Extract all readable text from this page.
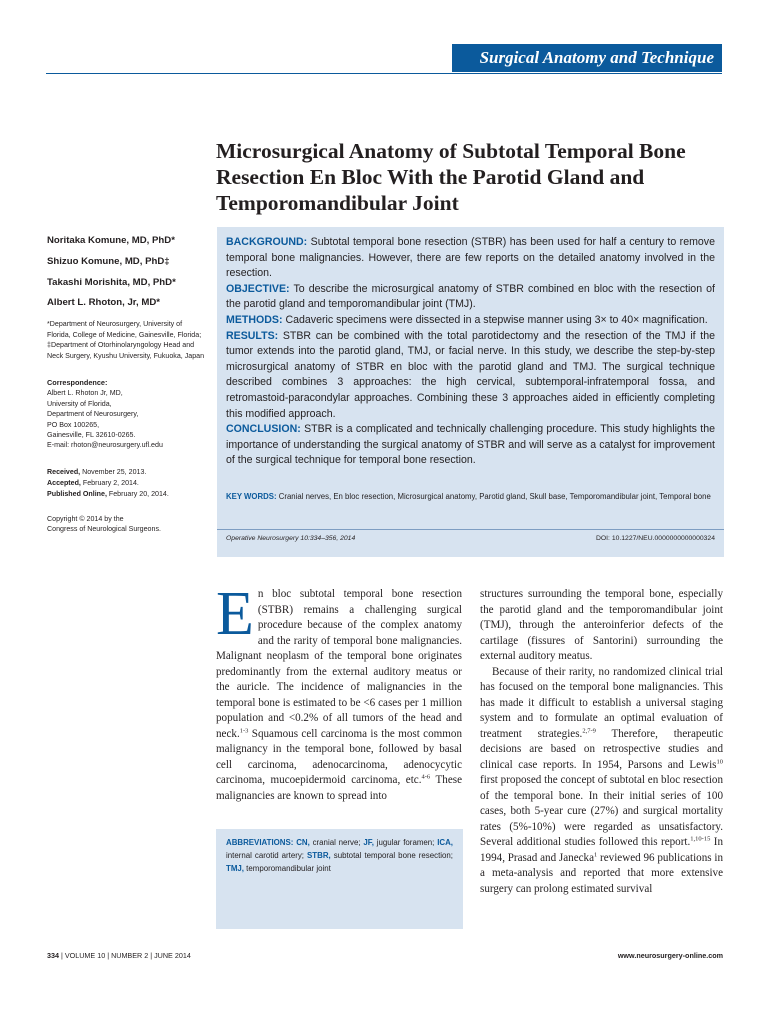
Surgical Anatomy and Technique
Microsurgical Anatomy of Subtotal Temporal Bone Resection En Bloc With the Parotid Gland and Temporomandibular Joint

Noritaka Komune, MD, PhD*

Shizuo Komune, MD, PhD‡

Takashi Morishita, MD, PhD*

Albert L. Rhoton, Jr, MD*

*Department of Neurosurgery, University of Florida, College of Medicine, Gainesville, Florida; ‡Department of Otorhinolaryngology Head and Neck Surgery, Kyushu University, Fukuoka, Japan

Correspondence:

Albert L. Rhoton Jr, MD,

University of Florida,

Department of Neurosurgery,

PO Box 100265,

Gainesville, FL 32610-0265.

E-mail: rhoton@neurosurgery.ufl.edu

Received, November 25, 2013.
Accepted, February 2, 2014.
Published Online, February 20, 2014.
Copyright © 2014 by the
Congress of Neurological Surgeons.

BACKGROUND: Subtotal temporal bone resection (STBR) has been used for half a century to remove temporal bone malignancies. However, there are few reports on the detailed anatomy involved in the resection.

OBJECTIVE: To describe the microsurgical anatomy of STBR combined en bloc with the resection of the parotid gland and temporomandibular joint (TMJ).

METHODS: Cadaveric specimens were dissected in a stepwise manner using 3× to 40× magnification.

RESULTS: STBR can be combined with the total parotidectomy and the resection of the TMJ if the tumor extends into the parotid gland, TMJ, or facial nerve. In this study, we describe the step-by-step microsurgical anatomy of STBR en bloc with the parotid gland and TMJ. The surgical technique described combines 3 approaches: the high cervical, subtemporal-infratemporal fossa, and retromastoid-paracondylar approaches. Combining these 3 approaches aided in efficiently completing this modified approach.

CONCLUSION: STBR is a complicated and technically challenging procedure. This study highlights the importance of understanding the surgical anatomy of STBR and will serve as a catalyst for improvement of the surgical technique for temporal bone resection.

KEY WORDS: Cranial nerves, En bloc resection, Microsurgical anatomy, Parotid gland, Skull base, Temporomandibular joint, Temporal bone

Operative Neurosurgery 10:334–356, 2014	DOI: 10.1227/NEU.0000000000000324

En bloc subtotal temporal bone resection (STBR) remains a challenging surgical procedure because of the complex anatomy and the rarity of temporal bone malignancies. Malignant neoplasm of the temporal bone originates predominantly from the external auditory meatus or the auricle. The incidence of malignancies in the temporal bone is estimated to be <6 cases per 1 million population and <0.2% of all tumors of the head and neck.$^{1-3}$ Squamous cell carcinoma is the most common malignancy in the temporal bone, followed by basal cell carcinoma, adenocarcinoma, adenocycytic carcinoma, mucoepidermoid carcinoma, etc.$^{4-6}$ These malignancies are known to spread into

ABBREVIATIONS: CN, cranial nerve; JF, jugular foramen; ICA, internal carotid artery; STBR, subtotal temporal bone resection; TMJ, temporomandibular joint
structures surrounding the temporal bone, especially the parotid gland and the temporomandibular joint (TMJ), through the anteroinferior defects of the cartilage (fissures of Santorini) surrounding the external auditory meatus.
Because of their rarity, no randomized clinical trial has focused on the temporal bone malignancies. This has made it difficult to establish a universal staging system and to formulate an optimal evaluation of treatment strategies.$^{2,7-9}$ Therefore, therapeutic decisions are based on retrospective studies and clinical case reports. In 1954, Parsons and Lewis$^{10}$ first proposed the concept of subtotal en bloc resection of the temporal bone. In their initial series of 100 cases, both 5-year cure (27%) and surgical mortality rates (5%-10%) were regarded as unsatisfactory. Several additional studies followed this report.$^{1,10-15}$ In 1994, Prasad and Janecka$^1$ reviewed 96 publications in a meta-analysis and reported that more extensive surgery can prolong estimated survival
334 | VOLUME 10 | NUMBER 2 | JUNE 2014	www.neurosurgery-online.com
